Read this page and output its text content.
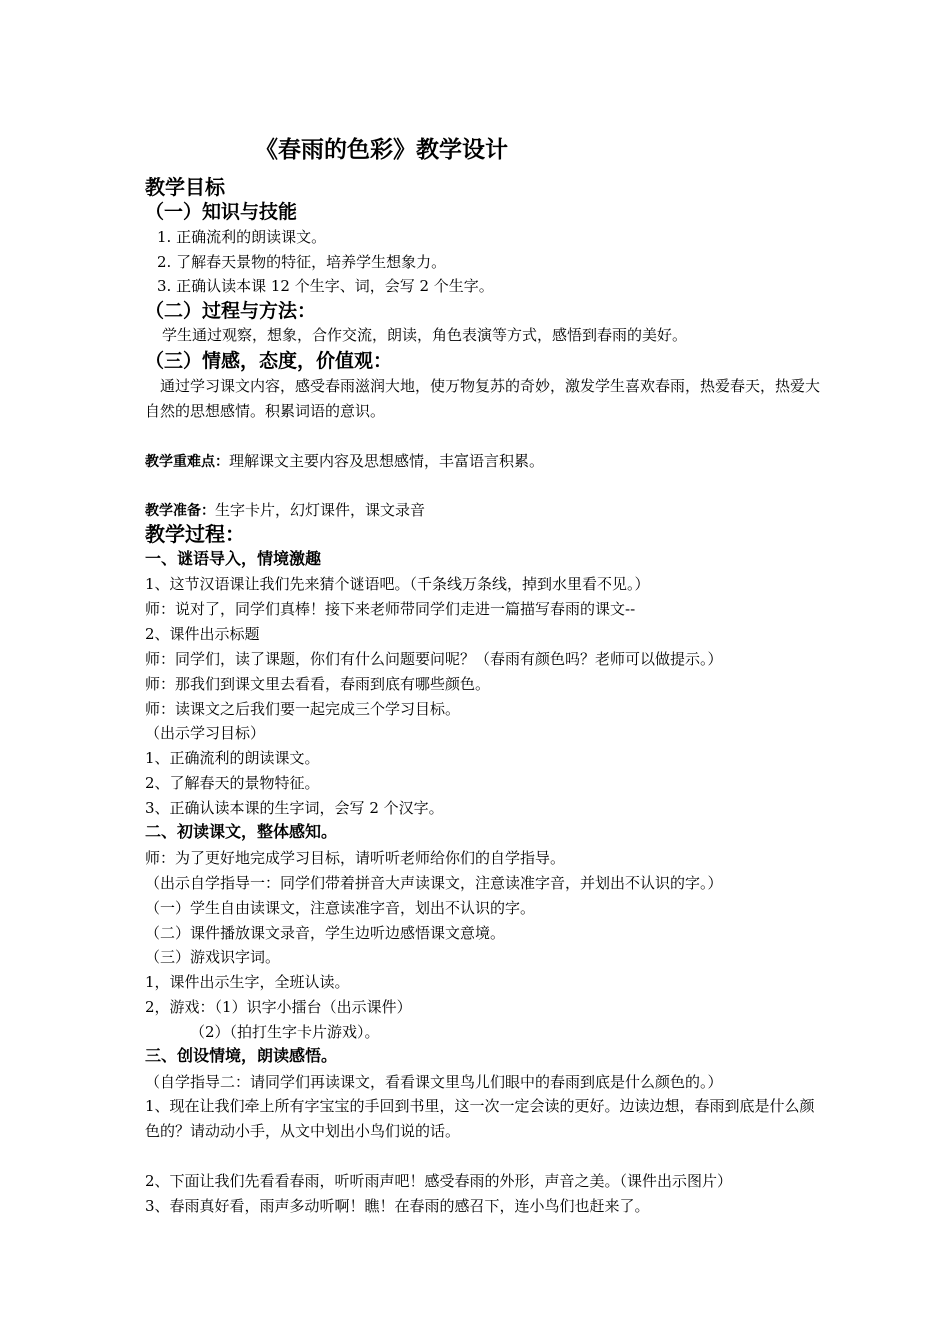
《春雨的色彩》教学设计
教学目标
（一）知识与技能
1. 正确流利的朗读课文。
2. 了解春天景物的特征，培养学生想象力。
3. 正确认读本课 12 个生字、词，会写 2 个生字。
（二）过程与方法：
学生通过观察，想象，合作交流，朗读，角色表演等方式，感悟到春雨的美好。
（三）情感，态度，价值观：
通过学习课文内容，感受春雨滋润大地，使万物复苏的奇妙，激发学生喜欢春雨，热爱春天，热爱大自然的思想感情。积累词语的意识。
教学重难点：理解课文主要内容及思想感情，丰富语言积累。
教学准备：生字卡片，幻灯课件，课文录音
教学过程：
一、谜语导入，情境激趣
1、这节汉语课让我们先来猜个谜语吧。（千条线万条线，掉到水里看不见。）
师：说对了，同学们真棒！接下来老师带同学们走进一篇描写春雨的课文--
2、课件出示标题
师：同学们，读了课题，你们有什么问题要问呢？（春雨有颜色吗？老师可以做提示。）
师：那我们到课文里去看看，春雨到底有哪些颜色。
师：读课文之后我们要一起完成三个学习目标。
（出示学习目标）
1、正确流利的朗读课文。
2、了解春天的景物特征。
3、正确认读本课的生字词，会写 2 个汉字。
二、初读课文，整体感知。
师：为了更好地完成学习目标，请听听老师给你们的自学指导。
（出示自学指导一：同学们带着拼音大声读课文，注意读准字音，并划出不认识的字。）
（一）学生自由读课文，注意读准字音，划出不认识的字。
（二）课件播放课文录音，学生边听边感悟课文意境。
（三）游戏识字词。
1，课件出示生字，全班认读。
2，游戏：（1）识字小擂台（出示课件）
（2）（拍打生字卡片游戏）。
三、创设情境，朗读感悟。
（自学指导二：请同学们再读课文，看看课文里鸟儿们眼中的春雨到底是什么颜色的。）
1、现在让我们牵上所有字宝宝的手回到书里，这一次一定会读的更好。边读边想，春雨到底是什么颜色的？请动动小手，从文中划出小鸟们说的话。
2、下面让我们先看看春雨，听听雨声吧！感受春雨的外形，声音之美。（课件出示图片）
3、春雨真好看，雨声多动听啊！瞧！在春雨的感召下，连小鸟们也赶来了。
